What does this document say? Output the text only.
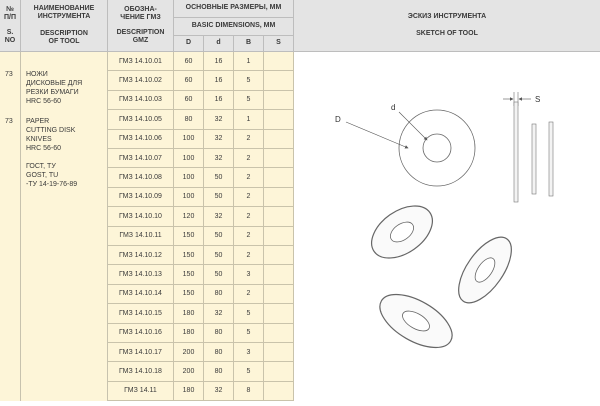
№
П/П
S.
NO
НАИМЕНОВАНИЕ
ИНСТРУМЕНТА
DESCRIPTION
OF TOOL
ОБОЗНА-
ЧЕНИЕ ГМЗ
DESCRIPTION
GMZ
ОСНОВНЫЕ РАЗМЕРЫ, ММ
BASIC DIMENSIONS, MM
D	d	B	S
ЭСКИЗ ИНСТРУМЕНТА
SKETCH OF TOOL
73 НОЖИ
ДИСКОВЫЕ ДЛЯ
РЕЗКИ БУМАГИ
HRC 56-60
73 PAPER
CUTTING DISK
KNIVES
HRC 56-60
ГОСТ, ТУ
GOST, TU
-ТУ 14-19-76-89
ГМЗ 14.10.01	60	16	1
ГМЗ 14.10.02	60	16	5
ГМЗ 14.10.03	60	16	5
ГМЗ 14.10.05	80	32	1
ГМЗ 14.10.06	100	32	2
ГМЗ 14.10.07	100	32	2
ГМЗ 14.10.08	100	50	2
ГМЗ 14.10.09	100	50	2
ГМЗ 14.10.10	120	32	2
ГМЗ 14.10.11	150	50	2
ГМЗ 14.10.12	150	50	2
ГМЗ 14.10.13	150	50	3
ГМЗ 14.10.14	150	80	2
ГМЗ 14.10.15	180	32	5
ГМЗ 14.10.16	180	80	5
ГМЗ 14.10.17	200	80	3
ГМЗ 14.10.18	200	80	5
ГМЗ 14.11	180	32	8
D
d
S
